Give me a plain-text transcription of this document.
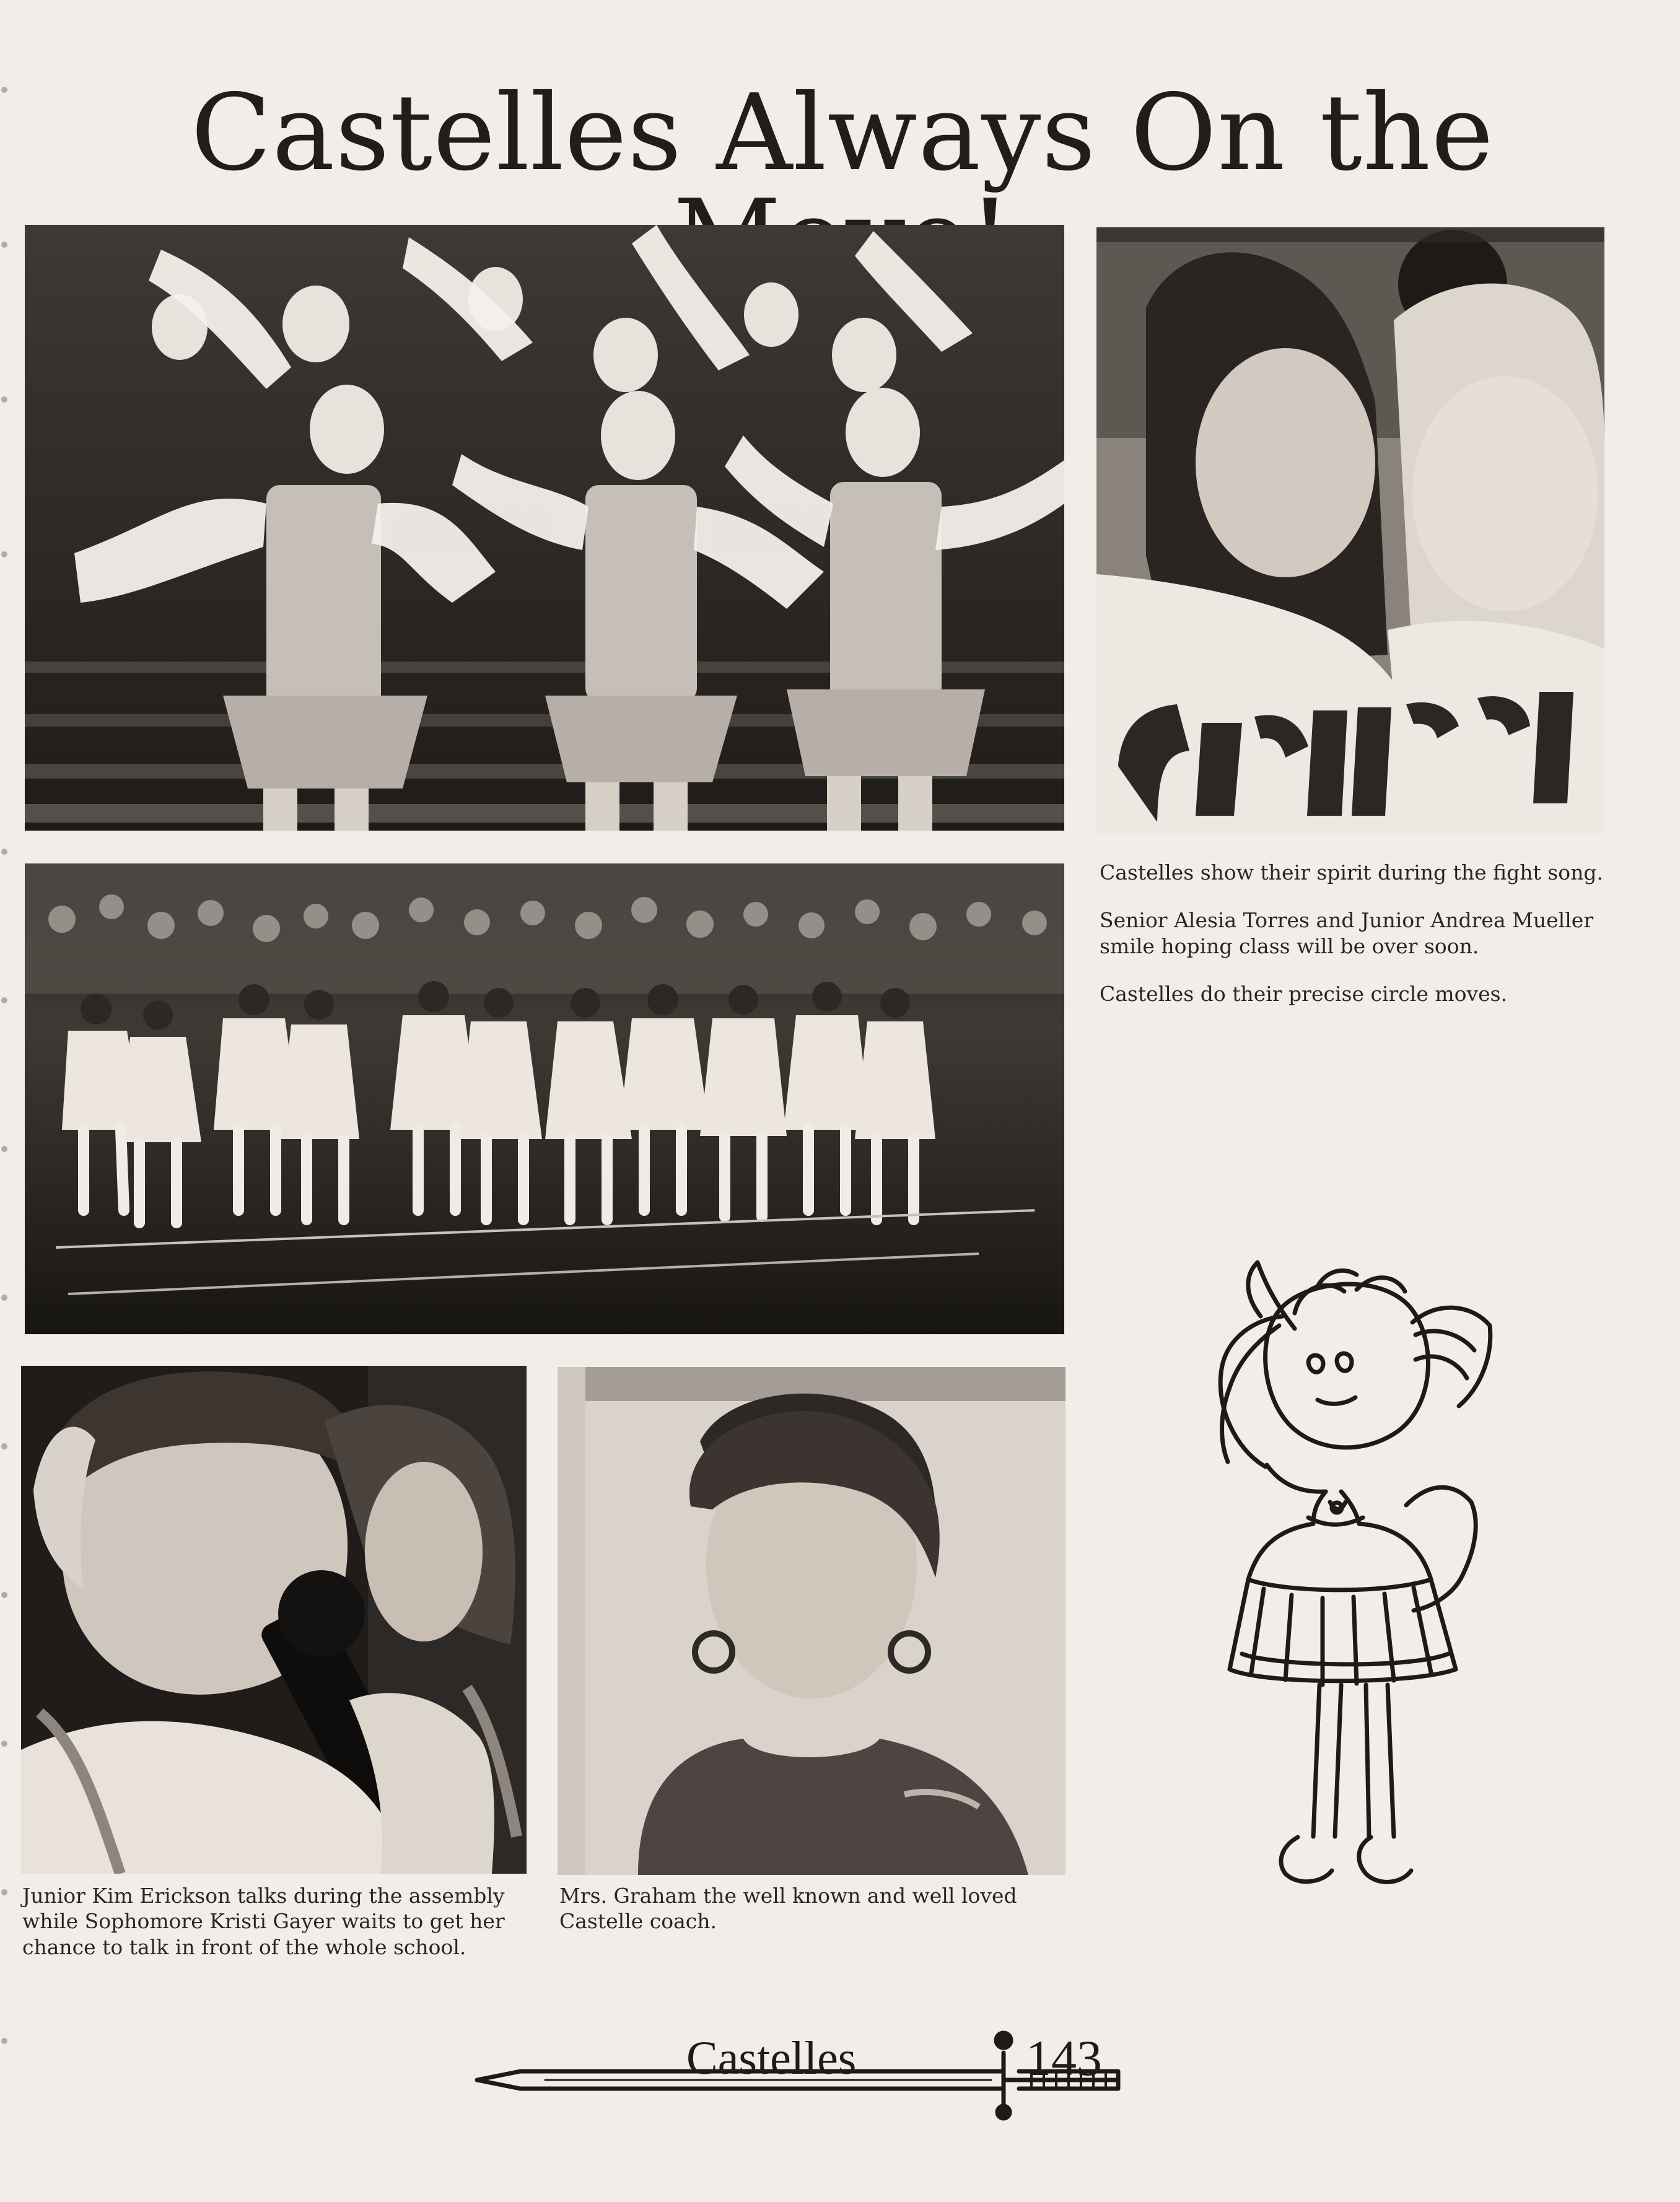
Castelles Always On the

Castelles show their spirit during the fight song.

Senior Alesia Torres and Junior Andrea Mueller smile hoping class will be over soon.

Castelles do their precise circle moves.

Junior Kim Erickson talks during the assembly while Sophomore Kristi Gayer waits to get her chance to talk in front of the whole school.

Mrs. Graham the well known and well loved Castelle coach.

Castelles	143
